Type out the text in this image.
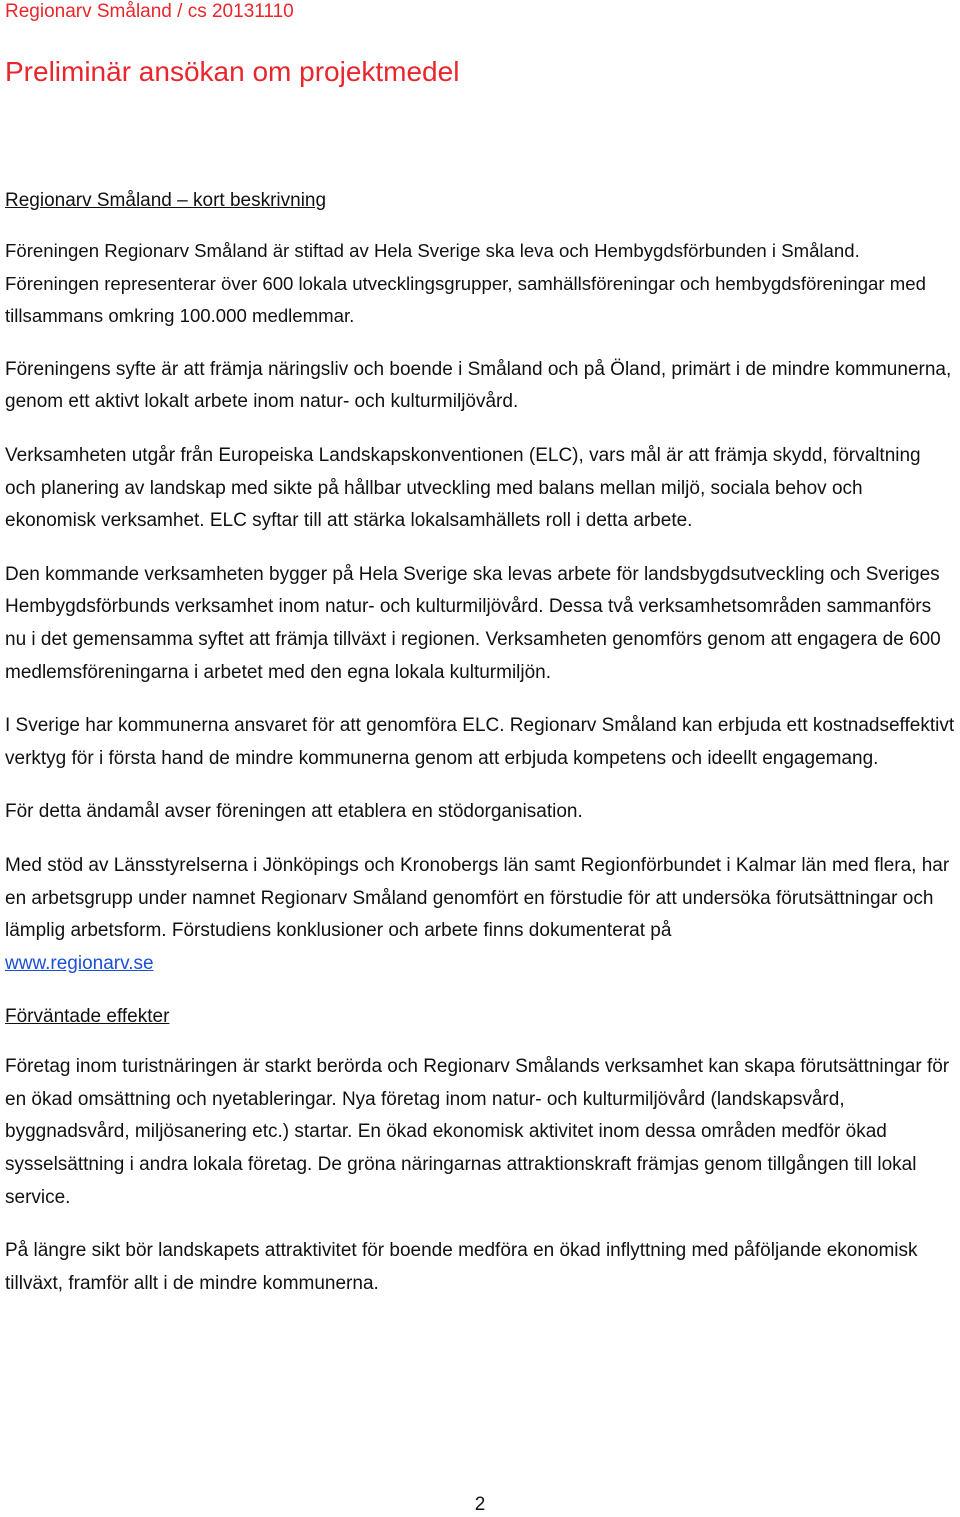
Regionarv Småland / cs 20131110
Preliminär ansökan om projektmedel
Regionarv Småland – kort beskrivning

Föreningen Regionarv Småland är stiftad av Hela Sverige ska leva och Hembygdsförbunden i Småland. Föreningen representerar över 600 lokala utvecklingsgrupper, samhällsföreningar och hembygdsföreningar med tillsammans omkring 100.000 medlemmar.

Föreningens syfte är att främja näringsliv och boende i Småland och på Öland, primärt i de mindre kommunerna, genom ett aktivt lokalt arbete inom natur- och kulturmiljövård.

Verksamheten utgår från Europeiska Landskapskonventionen (ELC), vars mål är att främja skydd, förvaltning och planering av landskap med sikte på hållbar utveckling med balans mellan miljö, sociala behov och ekonomisk verksamhet. ELC syftar till att stärka lokalsamhällets roll i detta arbete.

Den kommande verksamheten bygger på Hela Sverige ska levas arbete för landsbygdsutveckling och Sveriges Hembygdsförbunds verksamhet inom natur- och kulturmiljövård. Dessa två verksamhetsområden sammanförs nu i det gemensamma syftet att främja tillväxt i regionen. Verksamheten genomförs genom att engagera de 600 medlemsföreningarna i arbetet med den egna lokala kulturmiljön.

I Sverige har kommunerna ansvaret för att genomföra ELC. Regionarv Småland kan erbjuda ett kostnadseffektivt verktyg för i första hand de mindre kommunerna genom att erbjuda kompetens och ideellt engagemang.

För detta ändamål avser föreningen att etablera en stödorganisation.

Med stöd av Länsstyrelserna i Jönköpings och Kronobergs län samt Regionförbundet i Kalmar län med flera, har en arbetsgrupp under namnet Regionarv Småland genomfört en förstudie för att undersöka förutsättningar och lämplig arbetsform. Förstudiens konklusioner och arbete finns dokumenterat på
www.regionarv.se

Förväntade effekter

Företag inom turistnäringen är starkt berörda och Regionarv Smålands verksamhet kan skapa förutsättningar för en ökad omsättning och nyetableringar. Nya företag inom natur- och kulturmiljövård (landskapsvård, byggnadsvård, miljösanering etc.) startar. En ökad ekonomisk aktivitet inom dessa områden medför ökad sysselsättning i andra lokala företag. De gröna näringarnas attraktionskraft främjas genom tillgången till lokal service.

På längre sikt bör landskapets attraktivitet för boende medföra en ökad inflyttning med påföljande ekonomisk tillväxt, framför allt i de mindre kommunerna.

2
